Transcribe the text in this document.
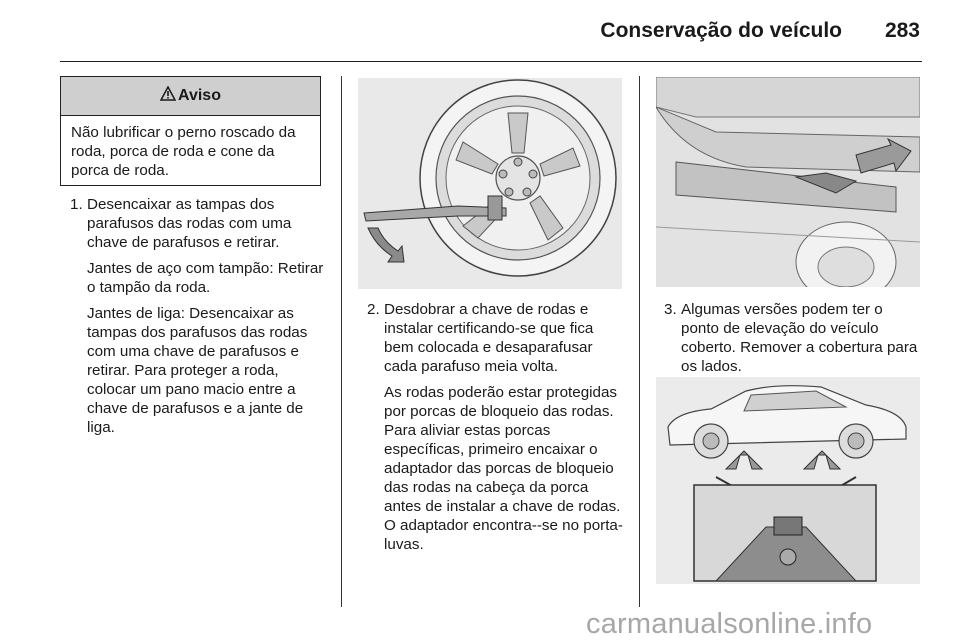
Conservação do veículo 283
Aviso
Não lubrificar o perno roscado da roda, porca de roda e cone da porca de roda.
1. Desencaixar as tampas dos parafusos das rodas com uma chave de parafusos e retirar.

Jantes de aço com tampão: Retirar o tampão da roda.

Jantes de liga: Desencaixar as tampas dos parafusos das rodas com uma chave de parafusos e retirar. Para proteger a roda, colocar um pano macio entre a chave de parafusos e a jante de liga.

2. Desdobrar a chave de rodas e instalar certificando-se que fica bem colocada e desaparafusar cada parafuso meia volta.

As rodas poderão estar protegidas por porcas de bloqueio das rodas. Para aliviar estas porcas específicas, primeiro encaixar o adaptador das porcas de bloqueio das rodas na cabeça da porca antes de instalar a chave de rodas. O adaptador encontra--se no porta-luvas.

3. Algumas versões podem ter o ponto de elevação do veículo coberto. Remover a cobertura para os lados.

carmanualsonline.info
